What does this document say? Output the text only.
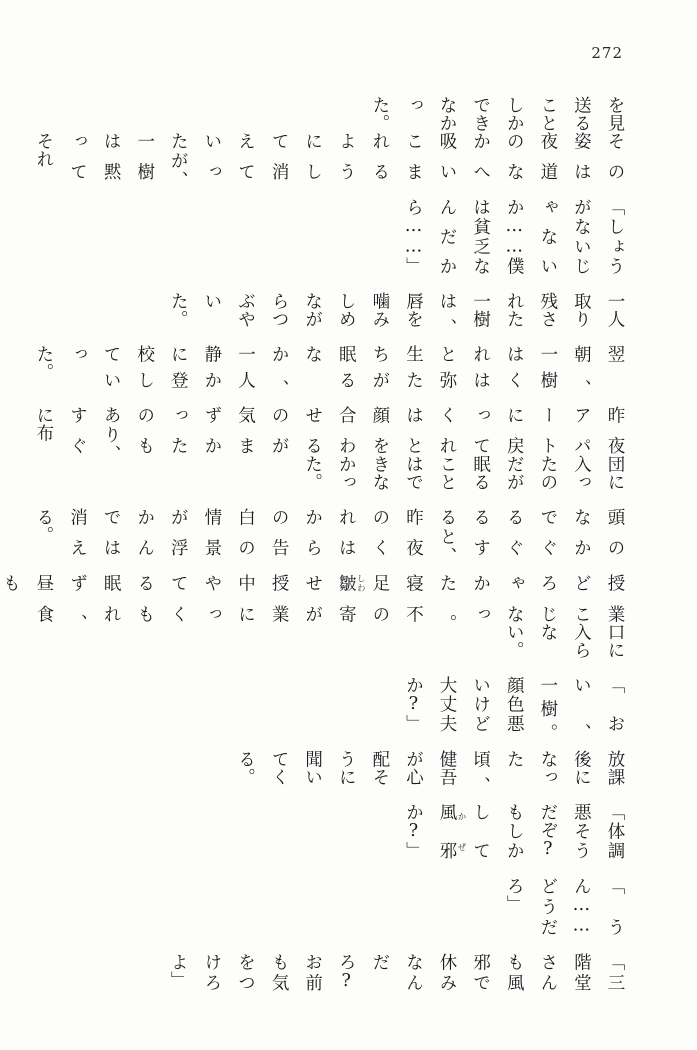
272

を見送ることしかできなかった。

その姿は夜道のなかへ吸いこまれるようにして消えていったが、　一樹は黙ってそれ

「しょうがないじゃないか……僕は貧乏なんだから……」

一人取り残された一樹は、　唇を噛みしめながらつぶやいた。

翌朝、　一樹はくれはと弥生たちが眠るなか、　一人静かに登校していった。

昨夜アパートに戻ってくれはと顔を合わせるのが気まずかったのもあり、　すぐに布

団に入ったのだが眠ることはできなかった。

頭のなかでぐるぐるすると、　昨夜のくれはからの告白の情景が浮かんでは消える。

授業どころじゃなかった。　寝不足の皺 しわ寄せが授業中にやってくるも眠れず、　昼食も

口に入らない。

「おい、　一樹。　顔色悪いけど大丈夫か?」

放課後になった頃、　健吾が心配そうに聞いてくる。

「体調悪そうだぞ?　もしかして風邪 かぜか?」

「うん……どうだろ」

「三階堂さんも風邪で休みなんだろ?　お前も気をつけろよ」
